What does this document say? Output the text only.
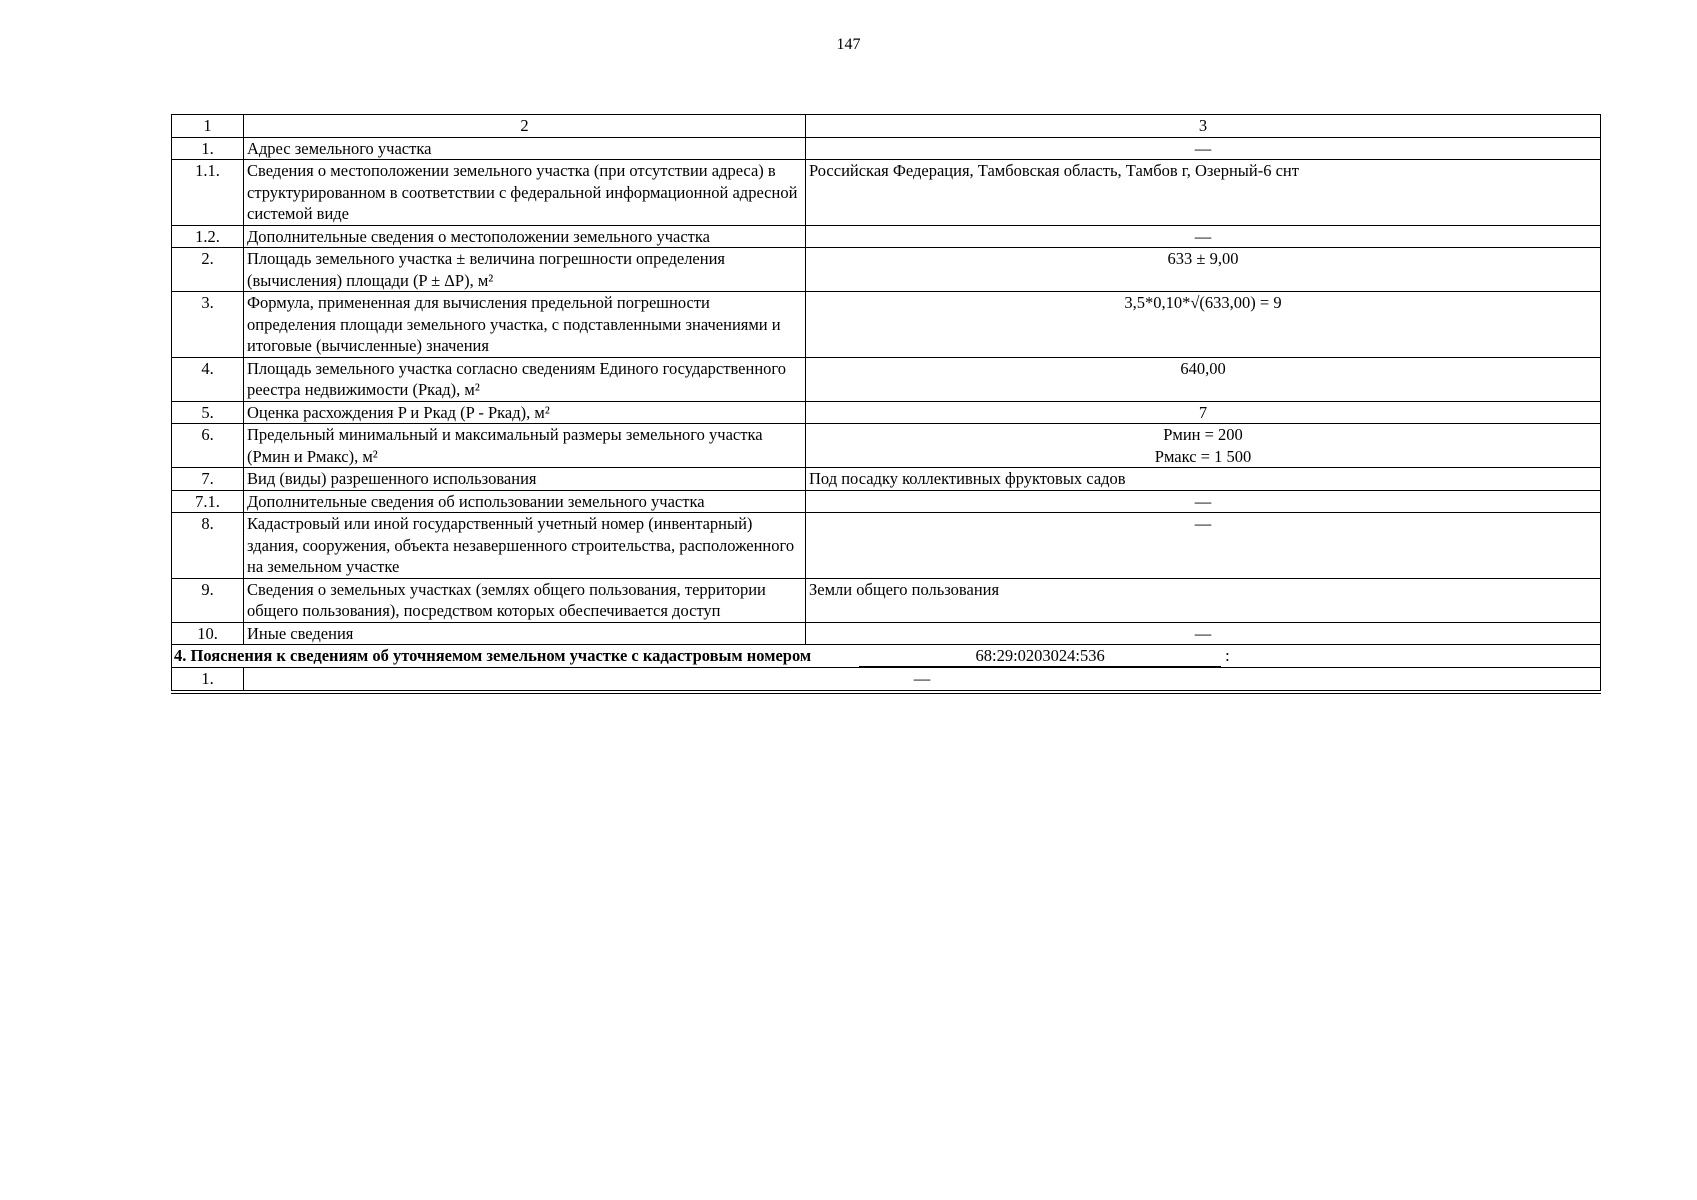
147
1	2	3
1.	Адрес земельного участка	—
1.1.	Сведения о местоположении земельного участка (при отсутствии адреса) в структурированном в соответствии с федеральной информационной адресной системой виде	Российская Федерация, Тамбовская область, Тамбов г, Озерный-6 снт
1.2.	Дополнительные сведения о местоположении земельного участка	—
2.	Площадь земельного участка ± величина погрешности определения (вычисления) площади (P ± ΔP), м²	633 ± 9,00
3.	Формула, примененная для вычисления предельной погрешности определения площади земельного участка, с подставленными значениями и итоговые (вычисленные) значения	3,5*0,10*√(633,00) = 9
4.	Площадь земельного участка согласно сведениям Единого государственного реестра недвижимости (Ркад), м²	640,00
5.	Оценка расхождения P и Ркад (P - Ркад), м²	7
6.	Предельный минимальный и максимальный размеры земельного участка (Pмин и Pмакс), м²	Pмин = 200
Pмакс = 1 500

7.	Вид (виды) разрешенного использования	Под посадку коллективных фруктовых садов
7.1.	Дополнительные сведения об использовании земельного участка	—
8.	Кадастровый или иной государственный учетный номер (инвентарный) здания, сооружения, объекта незавершенного строительства, расположенного на земельном участке	—
9.	Сведения о земельных участках (землях общего пользования, территории общего пользования), посредством которых обеспечивается доступ	Земли общего пользования
10.	Иные сведения	—
4. Пояснения к сведениям об уточняемом земельном участке с кадастровым номером 68:29:0203024:536 :		
1.	—	
